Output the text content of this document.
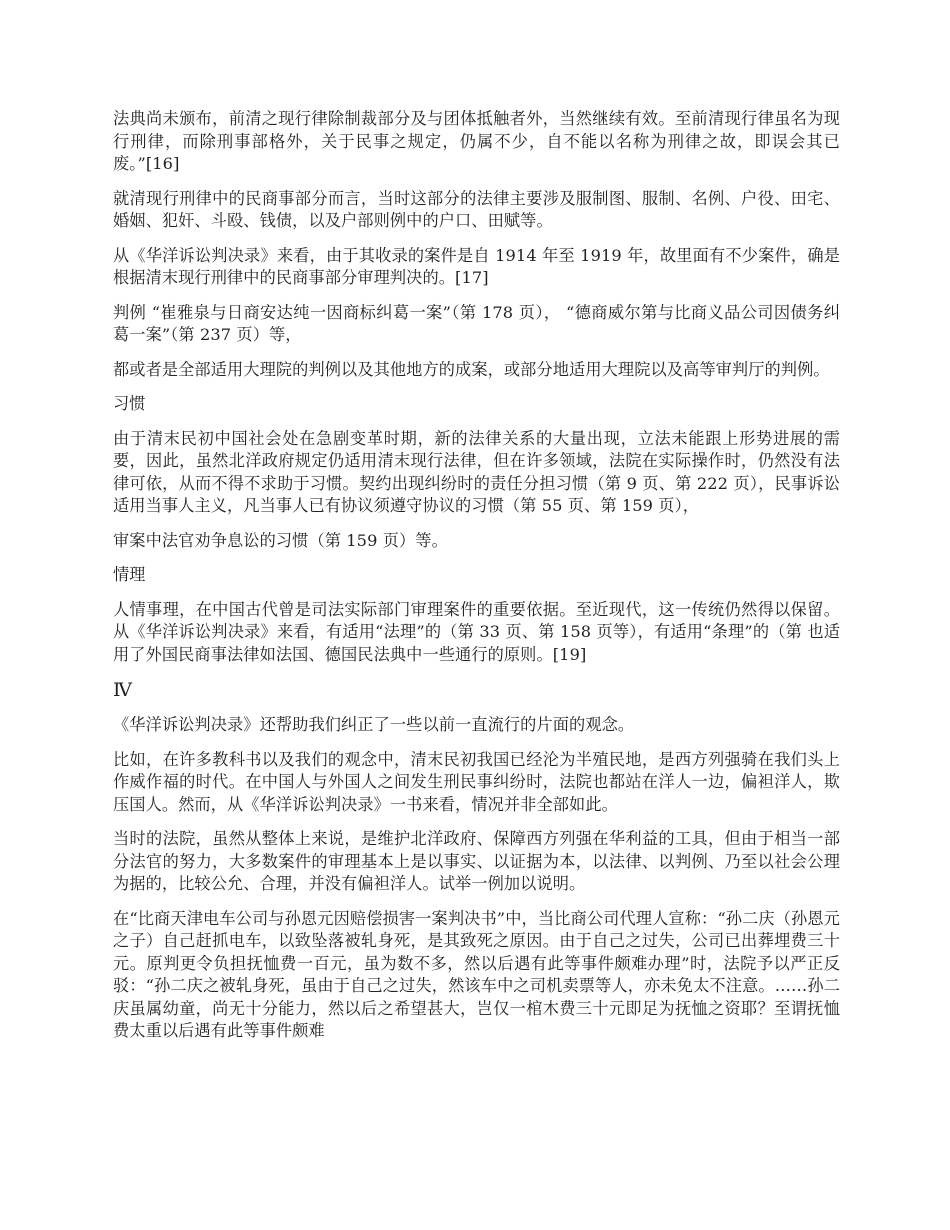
法典尚未颁布，前清之现行律除制裁部分及与团体抵触者外，当然继续有效。至前清现行律虽名为现行刑律，而除刑事部格外，关于民事之规定，仍属不少，自不能以名称为刑律之故，即误会其已废。”[16]

就清现行刑律中的民商事部分而言，当时这部分的法律主要涉及服制图、服制、名例、户役、田宅、婚姻、犯奸、斗殴、钱债，以及户部则例中的户口、田赋等。

从《华洋诉讼判决录》来看，由于其收录的案件是自 1914 年至 1919 年，故里面有不少案件，确是根据清末现行刑律中的民商事部分审理判决的。[17]

判例 “崔雅泉与日商安达纯一因商标纠葛一案”（第 178 页）， “德商威尔第与比商义品公司因债务纠葛一案”（第 237 页）等，

都或者是全部适用大理院的判例以及其他地方的成案，或部分地适用大理院以及高等审判厅的判例。

习惯

由于清末民初中国社会处在急剧变革时期，新的法律关系的大量出现，立法未能跟上形势进展的需要，因此，虽然北洋政府规定仍适用清末现行法律，但在许多领域，法院在实际操作时，仍然没有法律可依，从而不得不求助于习惯。契约出现纠纷时的责任分担习惯（第 9 页、第 222 页），民事诉讼适用当事人主义，凡当事人已有协议须遵守协议的习惯（第 55 页、第 159 页），

审案中法官劝争息讼的习惯（第 159 页）等。

情理

人情事理，在中国古代曾是司法实际部门审理案件的重要依据。至近现代，这一传统仍然得以保留。从《华洋诉讼判决录》来看，有适用“法理”的（第 33 页、第 158 页等），有适用“条理”的（第 也适用了外国民商事法律如法国、德国民法典中一些通行的原则。[19]

Ⅳ

《华洋诉讼判决录》还帮助我们纠正了一些以前一直流行的片面的观念。

比如，在许多教科书以及我们的观念中，清末民初我国已经沦为半殖民地，是西方列强骑在我们头上作威作福的时代。在中国人与外国人之间发生刑民事纠纷时，法院也都站在洋人一边，偏袒洋人，欺压国人。然而，从《华洋诉讼判决录》一书来看，情况并非全部如此。

当时的法院，虽然从整体上来说，是维护北洋政府、保障西方列强在华利益的工具，但由于相当一部分法官的努力，大多数案件的审理基本上是以事实、以证据为本，以法律、以判例、乃至以社会公理为据的，比较公允、合理，并没有偏袒洋人。试举一例加以说明。

在“比商天津电车公司与孙恩元因赔偿损害一案判决书”中，当比商公司代理人宣称：“孙二庆（孙恩元之子）自己赶抓电车，以致坠落被轧身死，是其致死之原因。由于自己之过失，公司已出葬埋费三十元。原判更令负担抚恤费一百元，虽为数不多，然以后遇有此等事件颇难办理”时，法院予以严正反驳：“孙二庆之被轧身死，虽由于自己之过失，然该车中之司机卖票等人，亦未免太不注意。……孙二庆虽属幼童，尚无十分能力，然以后之希望甚大，岂仅一棺木费三十元即足为抚恤之资耶？至谓抚恤费太重以后遇有此等事件颇难
